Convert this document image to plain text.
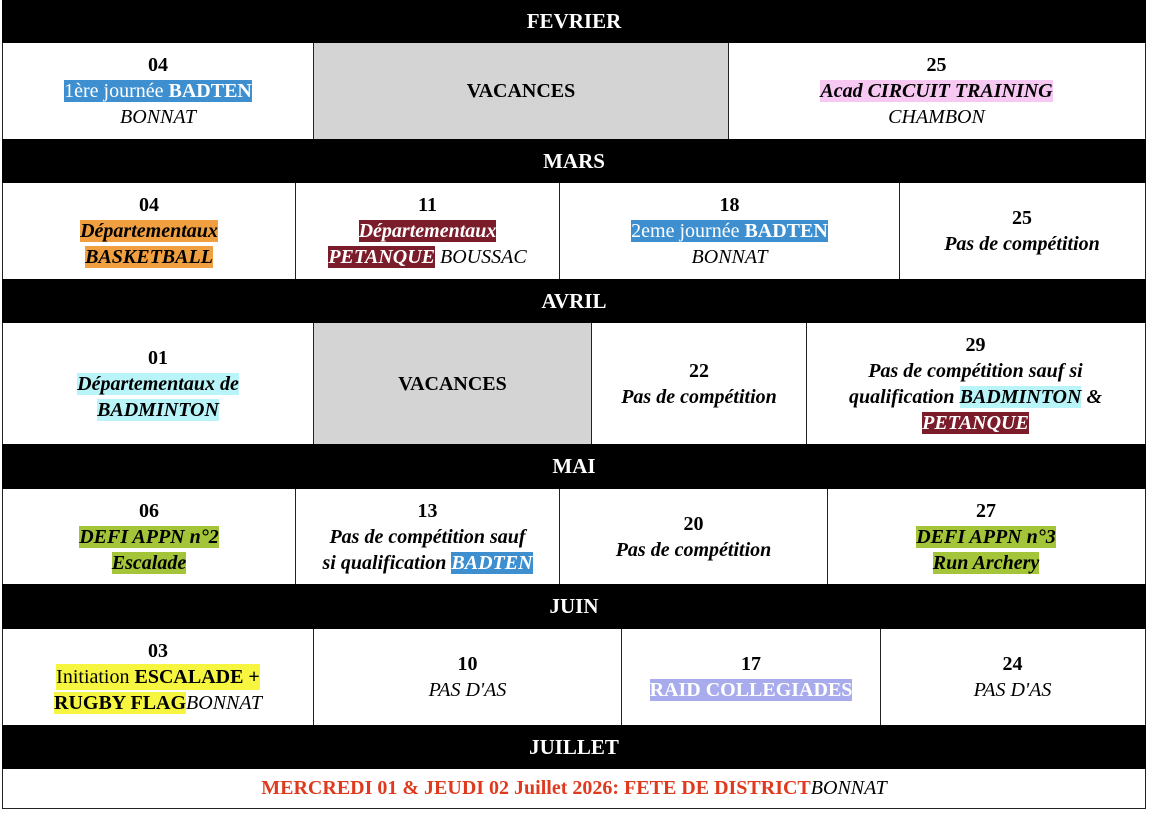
FEVRIER
04
1ère journée BADTEN
BONNAT
VACANCES
25
Acad CIRCUIT TRAINING
CHAMBON
MARS
04
Départementaux
BASKETBALL
11
Départementaux
PETANQUE BOUSSAC
18
2eme journée BADTEN
BONNAT
25
Pas de compétition
AVRIL
01
Départementaux de
BADMINTON
VACANCES
22
Pas de compétition
29
Pas de compétition sauf si
qualification BADMINTON &
PETANQUE
MAI
06
DEFI APPN n°2
Escalade
13
Pas de compétition sauf
si qualification BADTEN
20
Pas de compétition
27
DEFI APPN n°3
Run Archery
JUIN
03
Initiation ESCALADE +
RUGBY FLAGBONNAT
10
PAS D'AS
17
RAID COLLEGIADES
24
PAS D'AS
JUILLET
MERCREDI 01 & JEUDI 02 Juillet 2026 : FETE DE DISTRICT BONNAT
